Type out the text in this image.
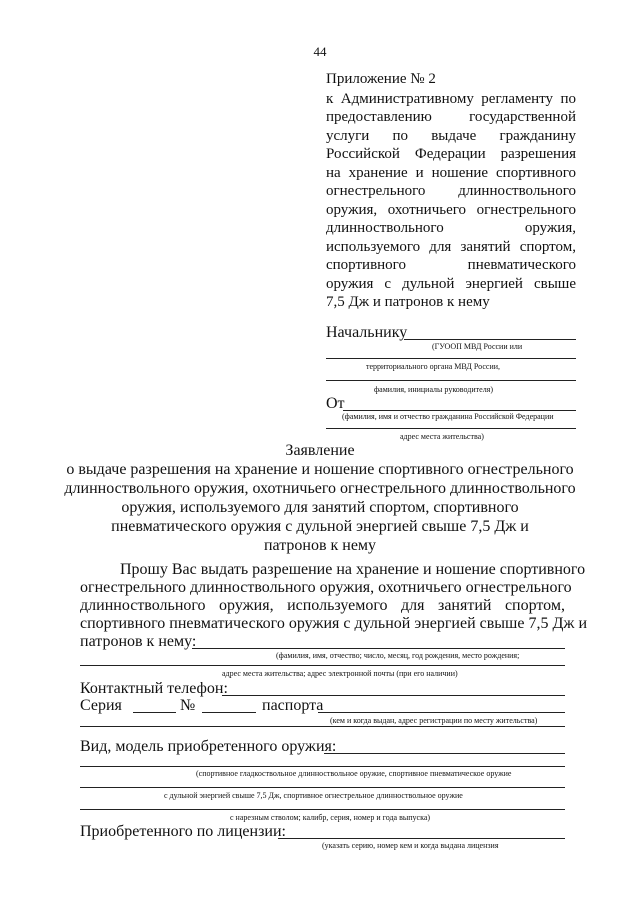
44
Приложение № 2
к Административному регламенту по
предоставлению государственной
услуги по выдаче гражданину
Российской Федерации разрешения
на хранение и ношение спортивного
огнестрельного длинноствольного
оружия, охотничьего огнестрельного
длинноствольного оружия,
используемого для занятий спортом,
спортивного пневматического
оружия с дульной энергией свыше
7,5 Дж и патронов к нему
Начальнику
(ГУООП МВД России или
территориального органа МВД России,
фамилия, инициалы руководителя)
От
(фамилия, имя и отчество гражданина Российской Федерации
адрес места жительства)
Заявление
о выдаче разрешения на хранение и ношение спортивного огнестрельного
длинноствольного оружия, охотничьего огнестрельного длинноствольного
оружия, используемого для занятий спортом, спортивного
пневматического оружия с дульной энергией свыше 7,5 Дж и
патронов к нему
Прошу Вас выдать разрешение на хранение и ношение спортивного
огнестрельного длинноствольного оружия, охотничьего огнестрельного
длинноствольного оружия, используемого для занятий спортом,
спортивного пневматического оружия с дульной энергией свыше 7,5 Дж и
патронов к нему:
(фамилия, имя, отчество; число, месяц, год рождения, место рождения;
адрес места жительства; адрес электронной почты (при его наличии)
Контактный телефон:
Серия	№	паспорта
(кем и когда выдан, адрес регистрации по месту жительства)
Вид, модель приобретенного оружия:
(спортивное гладкоствольное длинноствольное оружие, спортивное пневматическое оружие
с дульной энергией свыше 7,5 Дж, спортивное огнестрельное длинноствольное оружие
с нарезным стволом; калибр, серия, номер и года выпуска)
Приобретенного по лицензии:
(указать серию, номер кем и когда выдана лицензия
